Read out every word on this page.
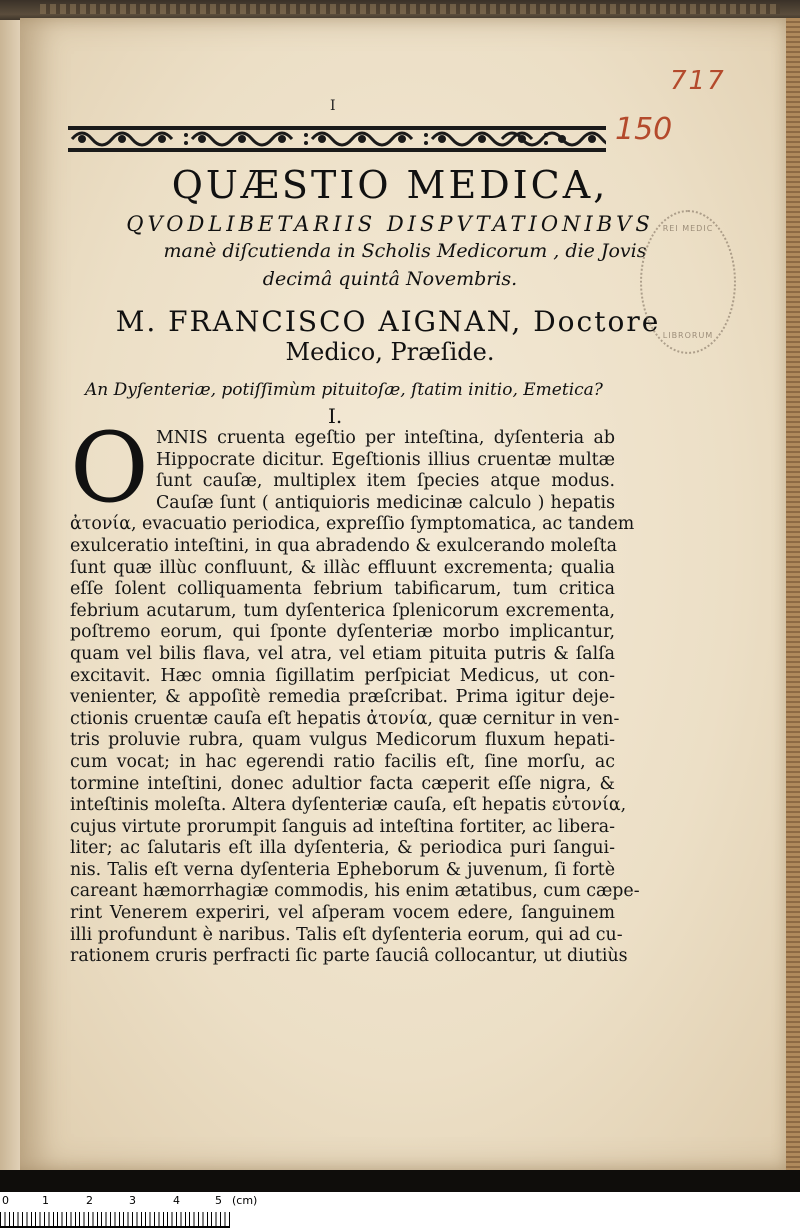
717
150
I
QUÆSTIO MEDICA,
QVODLIBETARIIS DISPVTATIONIBVS
manè diſcutienda in Scholis Medicorum , die Jovis
decimâ quintâ Novembris.
M. FRANCISCO AIGNAN, Doctore
Medico, Præſide.
REI MEDIC
LIBRORUM
An Dyſenteriæ, potiſſimùm pituitoſæ, ſtatim initio, Emetica?
I.
O MNIS cruenta egeſtio per inteſtina, dyſenteria ab
Hippocrate dicitur. Egeſtionis illius cruentæ multæ
ſunt cauſæ, multiplex item ſpecies atque modus.
Cauſæ ſunt ( antiquioris medicinæ calculo ) hepatis
ἀτονία, evacuatio periodica, expreſſio ſymptomatica, ac tandem
exulceratio inteſtini, in qua abradendo & exulcerando moleſta
ſunt quæ illùc confluunt, & illàc effluunt excrementa; qualia
eſſe ſolent colliquamenta febrium tabificarum, tum critica
febrium acutarum, tum dyſenterica ſplenicorum excrementa,
poſtremo eorum, qui ſponte dyſenteriæ morbo implicantur,
quam vel bilis flava, vel atra, vel etiam pituita putris & ſalſa
excitavit. Hæc omnia ſigillatim perſpiciat Medicus, ut con-
venienter, & appoſitè remedia præſcribat. Prima igitur deje-
ctionis cruentæ cauſa eſt hepatis ἀτονία, quæ cernitur in ven-
tris proluvie rubra, quam vulgus Medicorum fluxum hepati-
cum vocat; in hac egerendi ratio facilis eſt, ſine morſu, ac
tormine inteſtini, donec adultior facta cæperit eſſe nigra, &
inteſtinis moleſta. Altera dyſenteriæ cauſa, eſt hepatis εὐτονία,
cujus virtute prorumpit ſanguis ad inteſtina fortiter, ac libera-
liter; ac ſalutaris eſt illa dyſenteria, & periodica puri ſangui-
nis. Talis eſt verna dyſenteria Epheborum & juvenum, ſi fortè
careant hæmorrhagiæ commodis, his enim ætatibus, cum cæpe-
rint Venerem experiri, vel aſperam vocem edere, ſanguinem
illi profundunt è naribus. Talis eſt dyſenteria eorum, qui ad cu-
rationem cruris perfracti ſic parte ſauciâ collocantur, ut diutiùs
0	1	2	3	4	5 (cm)
